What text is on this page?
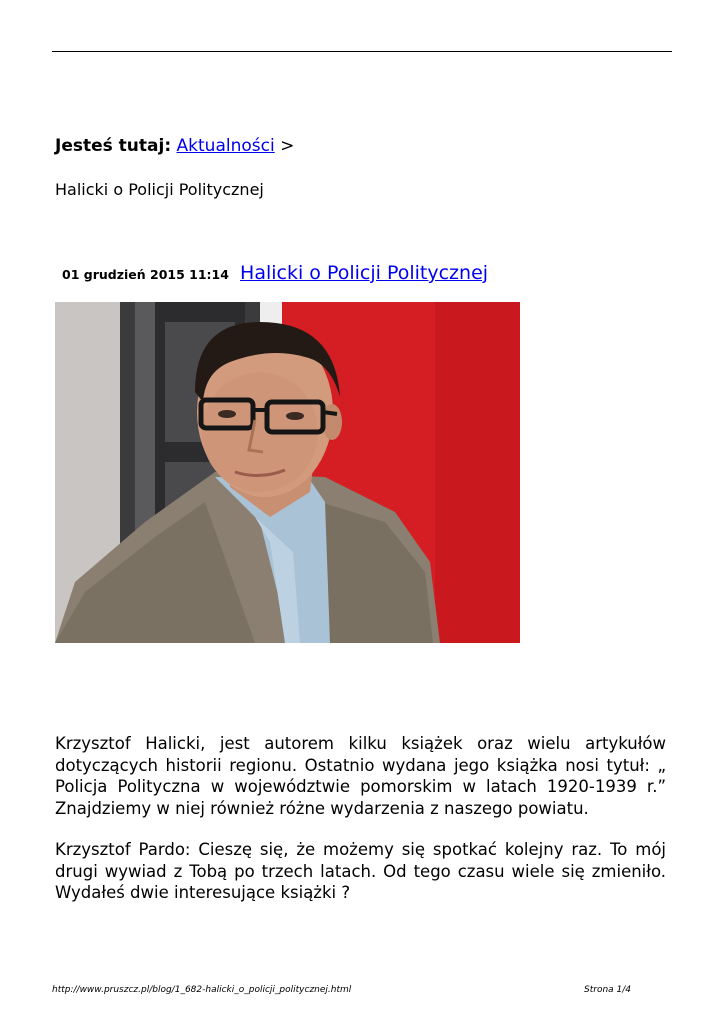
Jesteś tutaj: Aktualności >
Halicki o Policji Politycznej
01 grudzień 2015 11:14 Halicki o Policji Politycznej

Krzysztof Halicki, jest autorem kilku książek oraz wielu artykułów dotyczących historii regionu. Ostatnio wydana jego książka nosi tytuł: „ Policja Polityczna w województwie pomorskim w latach 1920-1939 r.” Znajdziemy w niej również różne wydarzenia z naszego powiatu.

Krzysztof Pardo: Cieszę się, że możemy się spotkać kolejny raz. To mój drugi wywiad z Tobą po trzech latach. Od tego czasu wiele się zmieniło. Wydałeś dwie interesujące książki ?

http://www.pruszcz.pl/blog/1_682-halicki_o_policji_politycznej.html	Strona 1/4
